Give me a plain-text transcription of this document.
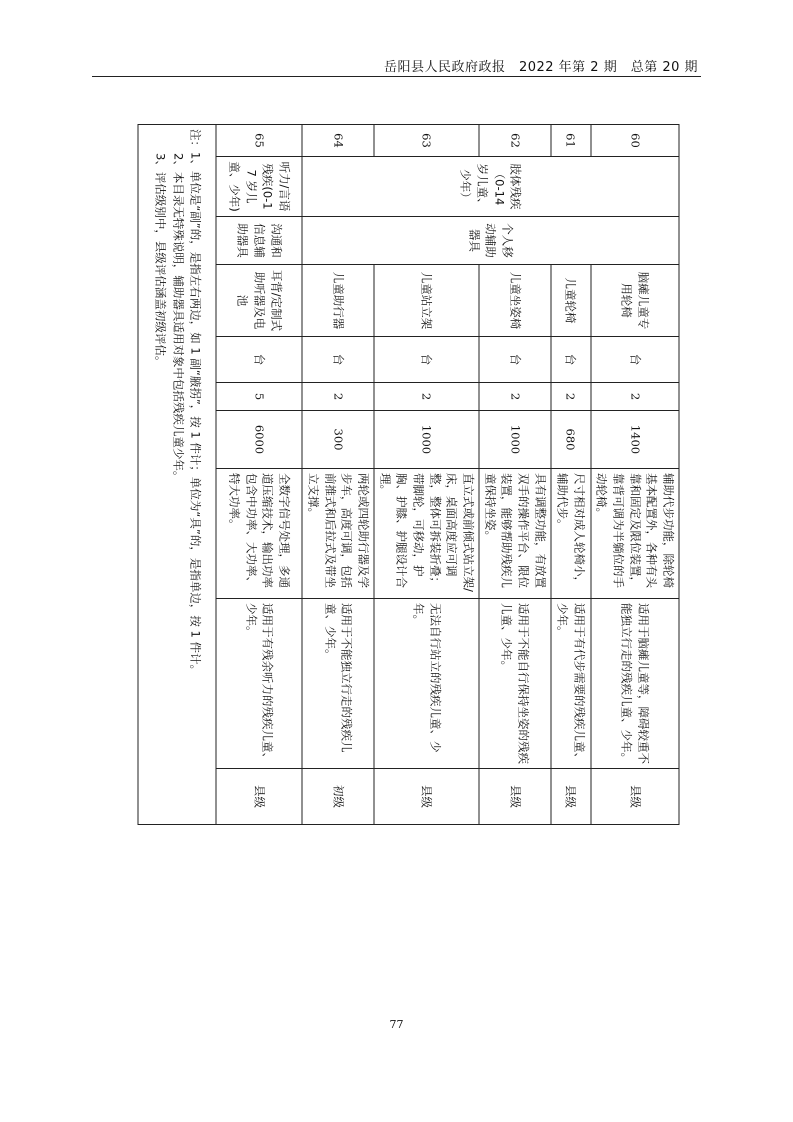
岳阳县人民政府政报　2022 年第 2 期　总第 20 期
60	肢体残疾（0-14 岁儿童、少年）	个人移动辅助器具	脑瘫儿童专用轮椅	台	2	1400	辅助代步功能，除轮椅基本配置外，各种有头靠和固定及限位装置，靠背可调为半躺位的手动轮椅。	适用于脑瘫儿童等，障碍较重不能独立行走的残疾儿童、少年。	县级
61			儿童轮椅	台	2	680	尺寸相对成人轮椅小，辅助代步。	适用于有代步需要的残疾儿童、少年。	县级
62			儿童坐姿椅	台	2	1000	具有调整功能，有放置双手的操作平台、限位装置，能够帮助残疾儿童保持坐姿。	适用于不能自行保持坐姿的残疾儿童、少年。	县级
63			儿童站立架	台	2	1000	直立式或前倾式站立架/床，桌面高度应可调整，整体可拆装折叠；带脚轮，可移动，护胸、护膝、护腿设计合理。	无法自行站立的残疾儿童、少年。	县级
64			儿童助行器	台	2	300	两轮或四轮助行器及学步车，高度可调，包括前推式和后拉式及带坐立支撑。	适用于不能独立行走的残疾儿童、少年。	初级
65	听力/言语残疾(0-17 岁儿童、少年)	沟通和信息辅助器具	耳背/定制式助听器及电池	台	5	6000	全数字信号处理，多通道压缩技术，输出功率包含中功率、大功率、特大功率。	适用于有残余听力的残疾儿童、少年。	县级

注：1、单位是“副”的，是指左右两边，如 1 副“腋拐”，按 1 件计；单位为“具”的，是指单边，按 1 件计。
2、本目录无特殊说明，辅助器具适用对象中包括残疾儿童少年。
3、评估级别中，县级评估涵盖初级评估。									
77
